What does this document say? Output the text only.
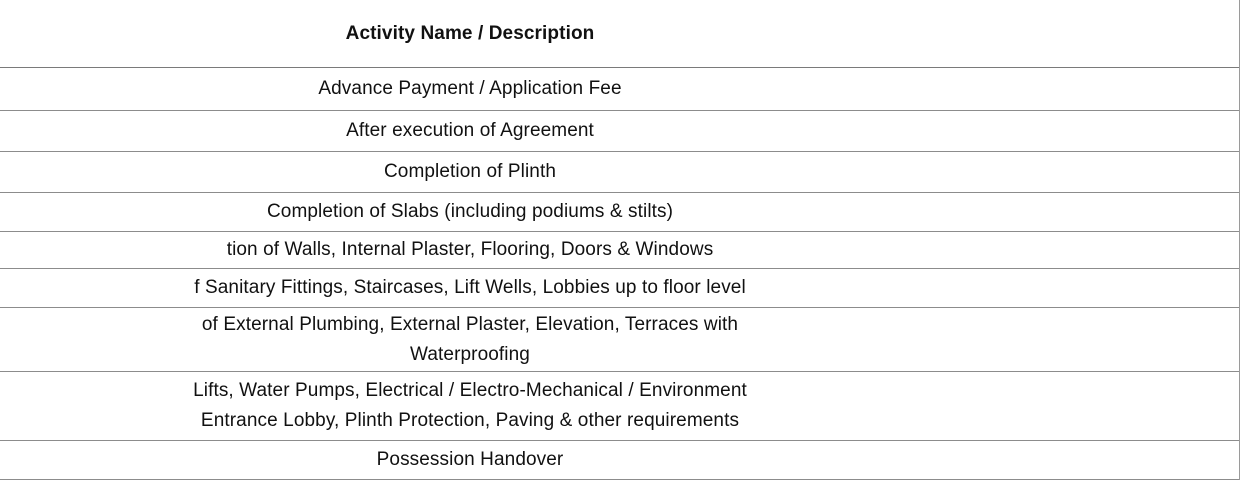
Activity Name / Description
Advance Payment / Application Fee
After execution of Agreement
Completion of Plinth
Completion of Slabs (including podiums & stilts)
tion of Walls, Internal Plaster, Flooring, Doors & Windows
f Sanitary Fittings, Staircases, Lift Wells, Lobbies up to floor level
of External Plumbing, External Plaster, Elevation, Terraces with
Waterproofing
Lifts, Water Pumps, Electrical / Electro-Mechanical / Environment
Entrance Lobby, Plinth Protection, Paving & other requirements
Possession Handover
